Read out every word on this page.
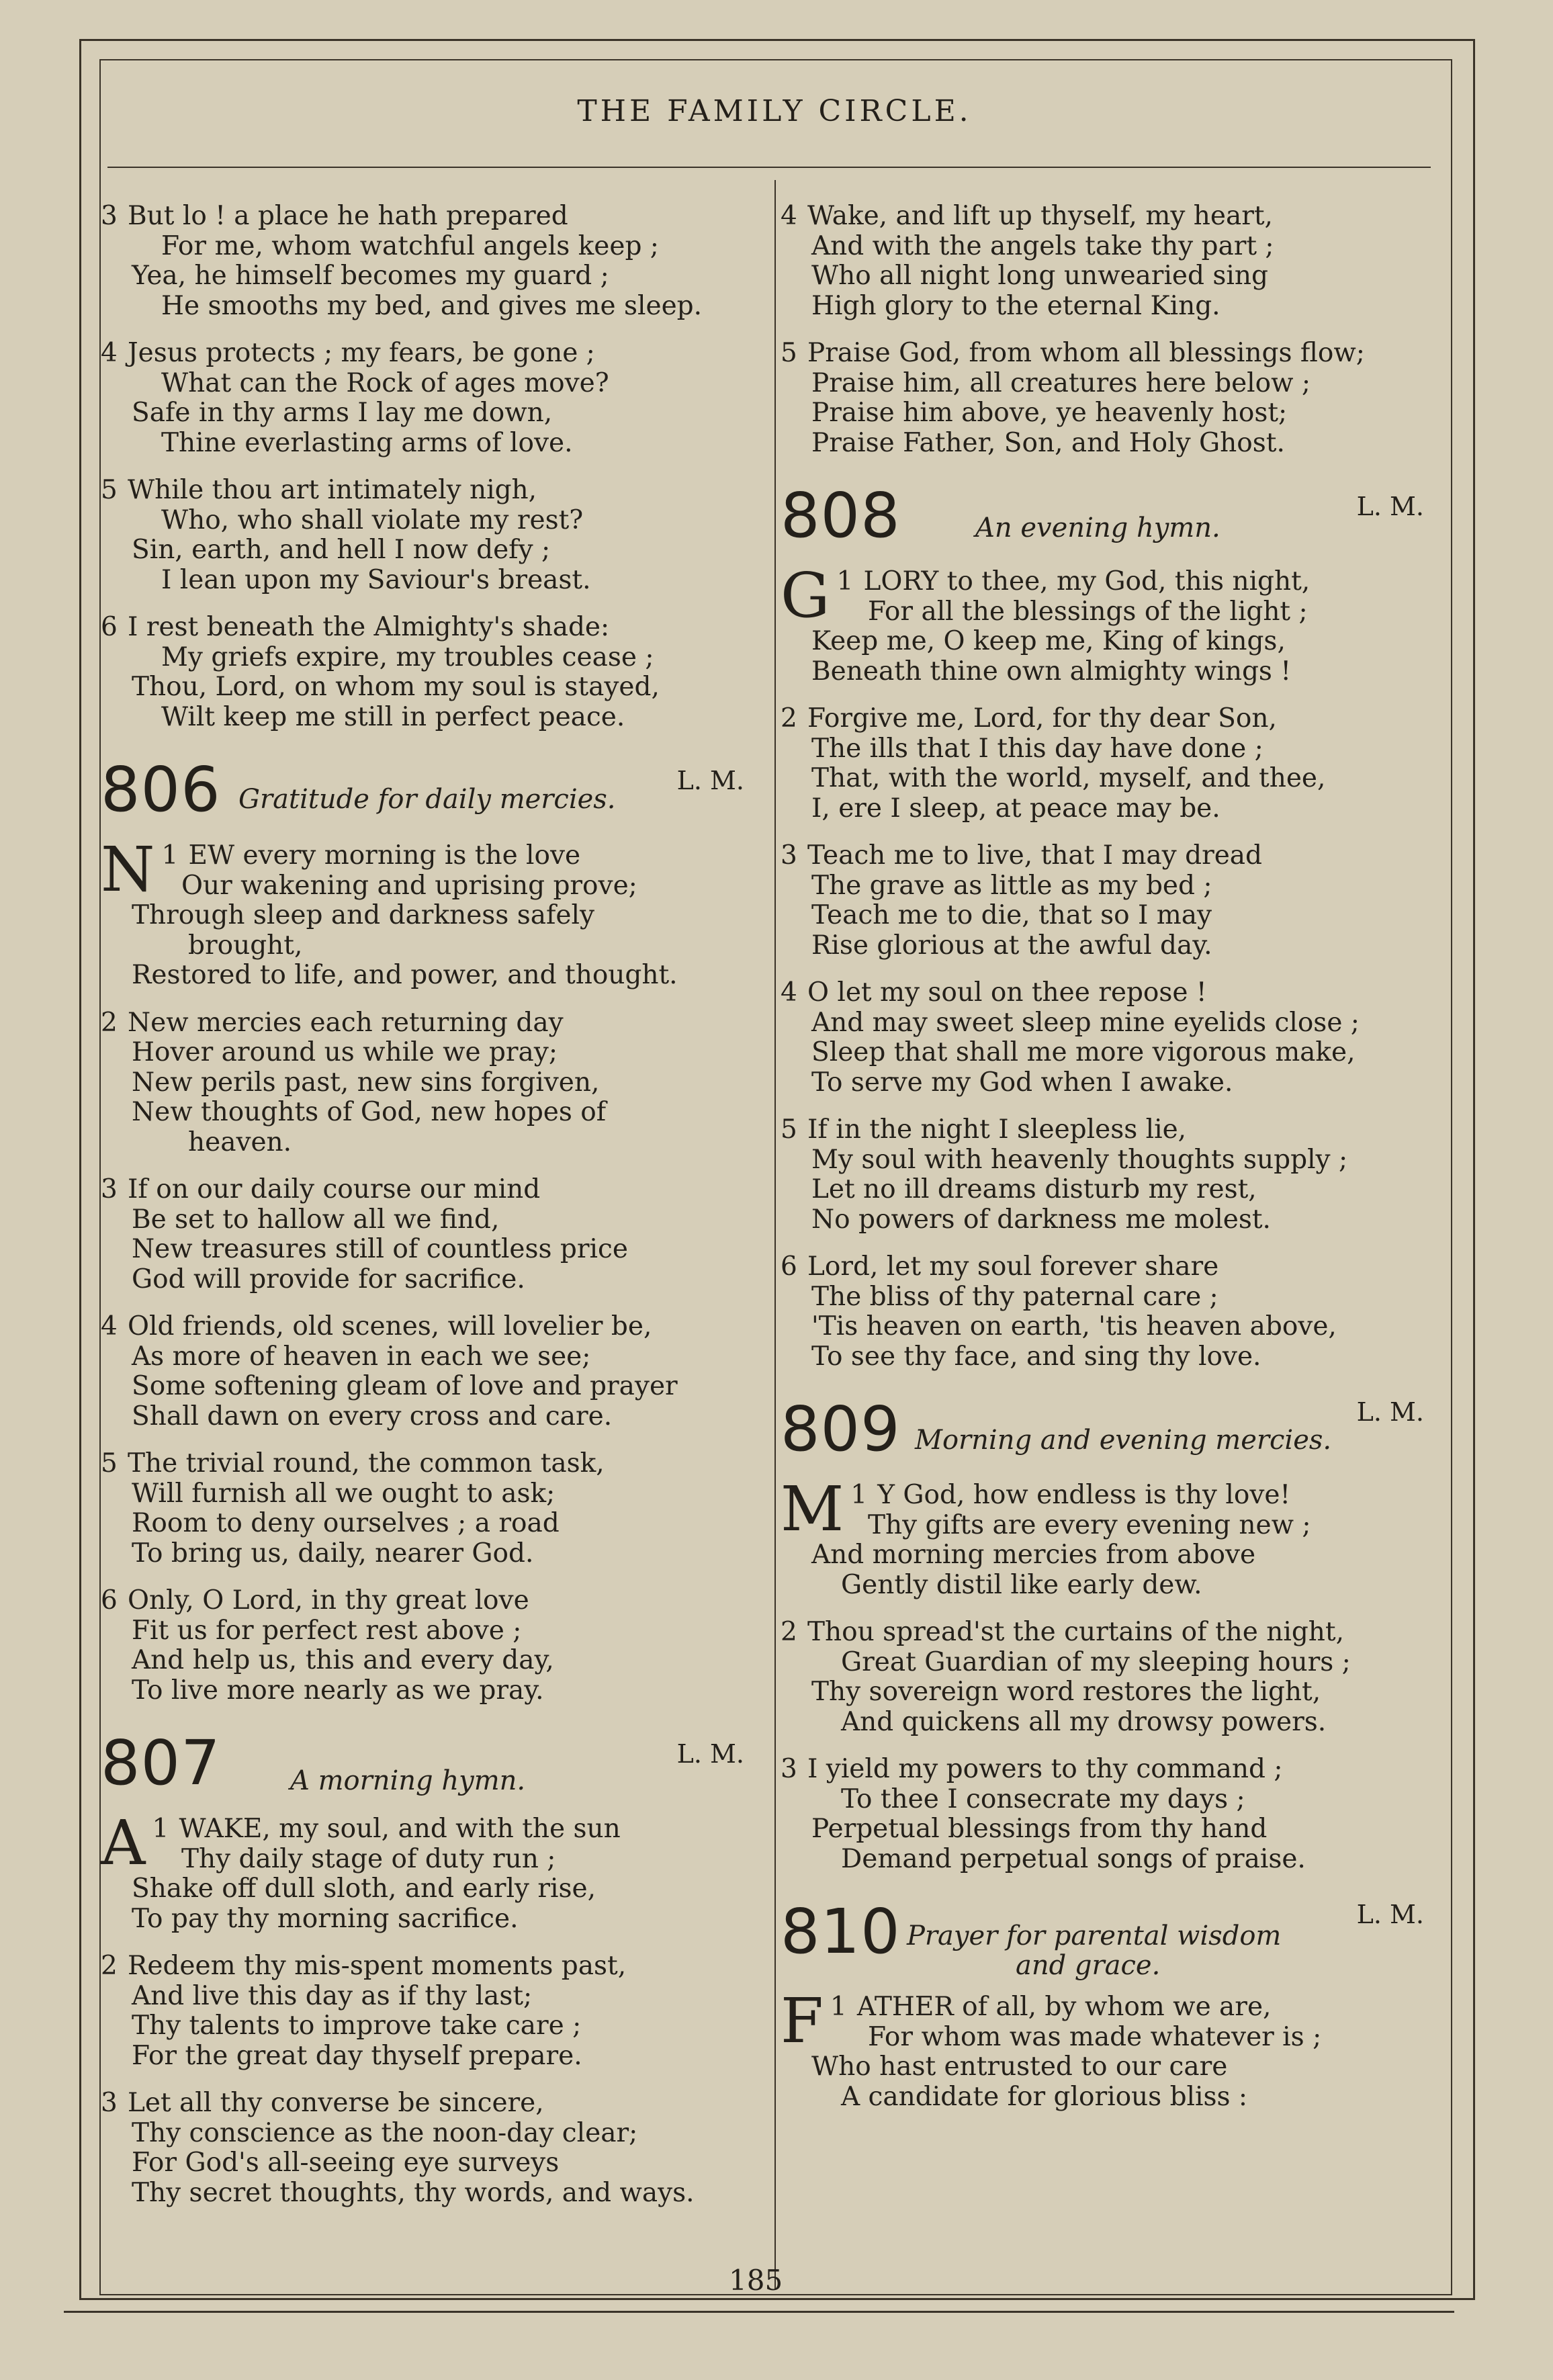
THE FAMILY CIRCLE.
3 But lo ! a place he hath prepared
For me, whom watchful angels keep ;
Yea, he himself becomes my guard ;
He smooths my bed, and gives me sleep.
4 Jesus protects ; my fears, be gone ;
What can the Rock of ages move?
Safe in thy arms I lay me down,
Thine everlasting arms of love.
5 While thou art intimately nigh,
Who, who shall violate my rest?
Sin, earth, and hell I now defy ;
I lean upon my Saviour's breast.
6 I rest beneath the Almighty's shade:
My griefs expire, my troubles cease ;
Thou, Lord, on whom my soul is stayed,
Wilt keep me still in perfect peace.
806 Gratitude for daily mercies.
L. M.
1
N EW every morning is the love
Our wakening and uprising prove;
Through sleep and darkness safely
brought,
Restored to life, and power, and thought.
2 New mercies each returning day
Hover around us while we pray;
New perils past, new sins forgiven,
New thoughts of God, new hopes of
heaven.
3 If on our daily course our mind
Be set to hallow all we find,
New treasures still of countless price
God will provide for sacrifice.
4 Old friends, old scenes, will lovelier be,
As more of heaven in each we see;
Some softening gleam of love and prayer
Shall dawn on every cross and care.
5 The trivial round, the common task,
Will furnish all we ought to ask;
Room to deny ourselves ; a road
To bring us, daily, nearer God.
6 Only, O Lord, in thy great love
Fit us for perfect rest above ;
And help us, this and every day,
To live more nearly as we pray.
807	A morning hymn.
L. M.
1
A WAKE, my soul, and with the sun
Thy daily stage of duty run ;
Shake off dull sloth, and early rise,
To pay thy morning sacrifice.
2 Redeem thy mis-spent moments past,
And live this day as if thy last;
Thy talents to improve take care ;
For the great day thyself prepare.
3 Let all thy converse be sincere,
Thy conscience as the noon-day clear;
For God's all-seeing eye surveys
Thy secret thoughts, thy words, and ways.
4 Wake, and lift up thyself, my heart,
And with the angels take thy part ;
Who all night long unwearied sing
High glory to the eternal King.
5 Praise God, from whom all blessings flow;
Praise him, all creatures here below ;
Praise him above, ye heavenly host;
Praise Father, Son, and Holy Ghost.
808	An evening hymn.
L. M.
1
G LORY to thee, my God, this night,
For all the blessings of the light ;
Keep me, O keep me, King of kings,
Beneath thine own almighty wings !
2 Forgive me, Lord, for thy dear Son,
The ills that I this day have done ;
That, with the world, myself, and thee,
I, ere I sleep, at peace may be.
3 Teach me to live, that I may dread
The grave as little as my bed ;
Teach me to die, that so I may
Rise glorious at the awful day.
4 O let my soul on thee repose !
And may sweet sleep mine eyelids close ;
Sleep that shall me more vigorous make,
To serve my God when I awake.
5 If in the night I sleepless lie,
My soul with heavenly thoughts supply ;
Let no ill dreams disturb my rest,
No powers of darkness me molest.
6 Lord, let my soul forever share
The bliss of thy paternal care ;
'Tis heaven on earth, 'tis heaven above,
To see thy face, and sing thy love.
809 Morning and evening mercies.
L. M.
1
M Y God, how endless is thy love!
Thy gifts are every evening new ;
And morning mercies from above
Gently distil like early dew.
2 Thou spread'st the curtains of the night,
Great Guardian of my sleeping hours ;
Thy sovereign word restores the light,
And quickens all my drowsy powers.
3 I yield my powers to thy command ;
To thee I consecrate my days ;
Perpetual blessings from thy hand
Demand perpetual songs of praise.
810 Prayer for parental wisdom
and grace.
L. M.
1
F ATHER of all, by whom we are,
For whom was made whatever is ;
Who hast entrusted to our care
A candidate for glorious bliss :
185
